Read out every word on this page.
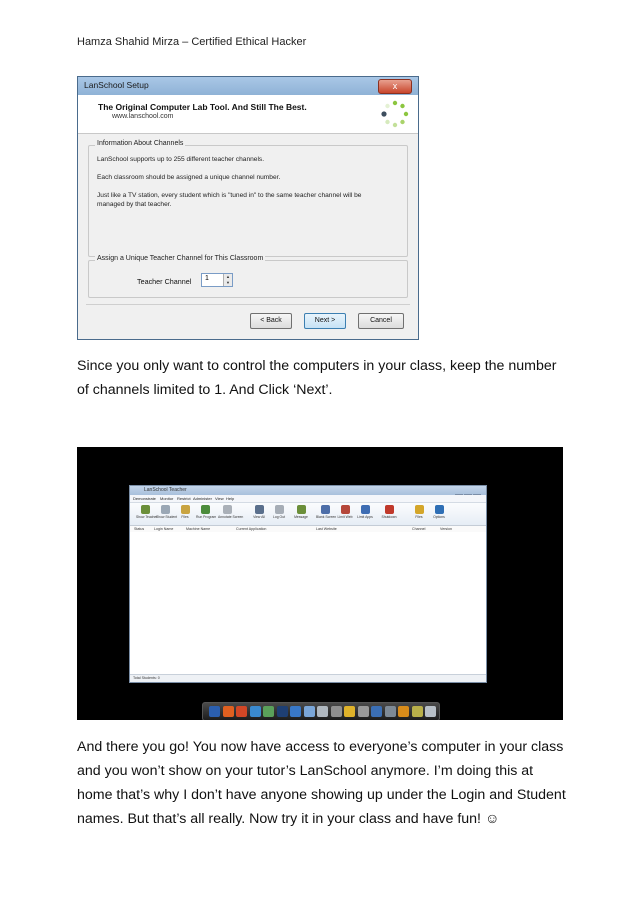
Hamza Shahid Mirza – Certified Ethical Hacker
LanSchool Setup	x
The Original Computer Lab Tool. And Still The Best.
www.lanschool.com
Information About Channels
LanSchool supports up to 255 different teacher channels.
Each classroom should be assigned a unique channel number.
Just like a TV station, every student which is "tuned in" to the same teacher channel will be
managed by that teacher.
Assign a Unique Teacher Channel for This Classroom
Teacher Channel 1	▲
▼
< Back	Next >	Cancel
Since you only want to control the computers in your class, keep the number of channels limited to 1. And Click ‘Next’.
LanSchool Teacher
Demonstrate Monitor Restrict Administer View Help
Show Teacher
Show Student	Files	Run Program Annotate Screen	View All	Log Out	Message	Blank Screen Limit Web	Limit Apps	Shutdown	Files	Options
Status	Login Name	Machine Name	Current Application	Last Website	Channel	Version
Total Students: 0
And there you go! You now have access to everyone’s computer in your class and you won’t show on your tutor’s LanSchool anymore. I’m doing this at home that’s why I don’t have anyone showing up under the Login and Student names. But that’s all really. Now try it in your class and have fun! ☺
